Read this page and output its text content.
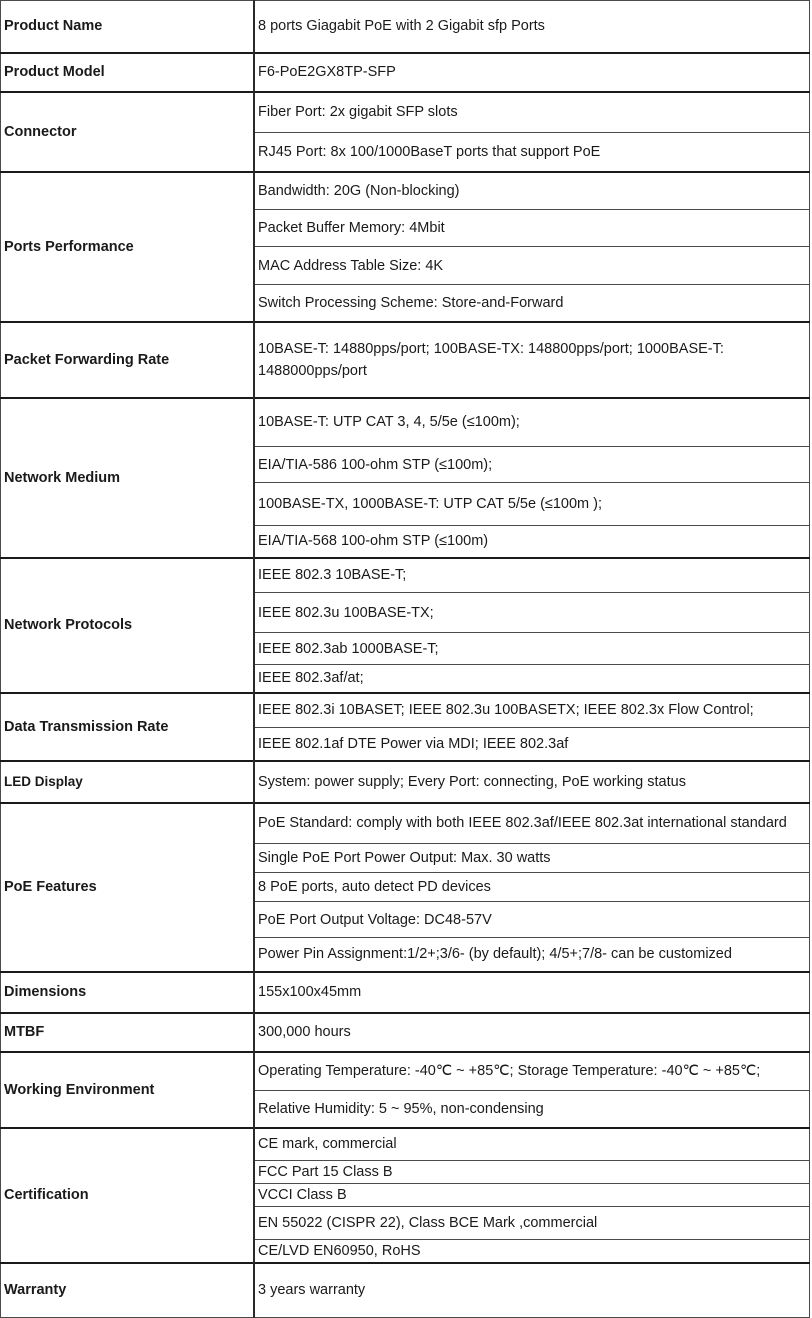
Product Name	8 ports Giagabit PoE with 2 Gigabit sfp Ports
Product Model	F6-PoE2GX8TP-SFP
Connector	Fiber Port: 2x gigabit SFP slots
	RJ45 Port: 8x 100/1000BaseT ports that support PoE
Ports Performance	Bandwidth: 20G (Non-blocking)
	Packet Buffer Memory: 4Mbit
	MAC Address Table Size: 4K
	Switch Processing Scheme: Store-and-Forward
Packet Forwarding Rate	10BASE-T: 14880pps/port; 100BASE-TX: 148800pps/port; 1000BASE-T: 1488000pps/port
Network Medium	10BASE-T: UTP CAT 3, 4, 5/5e (≤100m);
	EIA/TIA-586 100-ohm STP (≤100m);
	100BASE-TX, 1000BASE-T: UTP CAT 5/5e (≤100m );
	EIA/TIA-568 100-ohm STP (≤100m)
Network Protocols	IEEE 802.3 10BASE-T;
	IEEE 802.3u 100BASE-TX;
	IEEE 802.3ab 1000BASE-T;
	IEEE 802.3af/at;
Data Transmission Rate	IEEE 802.3i 10BASET; IEEE 802.3u 100BASETX; IEEE 802.3x Flow Control;
	IEEE 802.1af DTE Power via MDI; IEEE 802.3af
LED Display	System: power supply; Every Port: connecting, PoE working status
PoE Features	PoE Standard: comply with both IEEE 802.3af/IEEE 802.3at international standard
	Single PoE Port Power Output: Max. 30 watts
	8 PoE ports, auto detect PD devices
	PoE Port Output Voltage: DC48-57V
	Power Pin Assignment:1/2+;3/6- (by default); 4/5+;7/8- can be customized
Dimensions	155x100x45mm
MTBF	300,000 hours
Working Environment	Operating Temperature: -40℃ ~ +85℃; Storage Temperature: -40℃ ~ +85℃;
	Relative Humidity: 5 ~ 95%, non-condensing
Certification	CE mark, commercial
	FCC Part 15 Class B
	VCCI Class B
	EN 55022 (CISPR 22), Class BCE Mark ,commercial
	CE/LVD EN60950, RoHS
Warranty	3 years warranty
